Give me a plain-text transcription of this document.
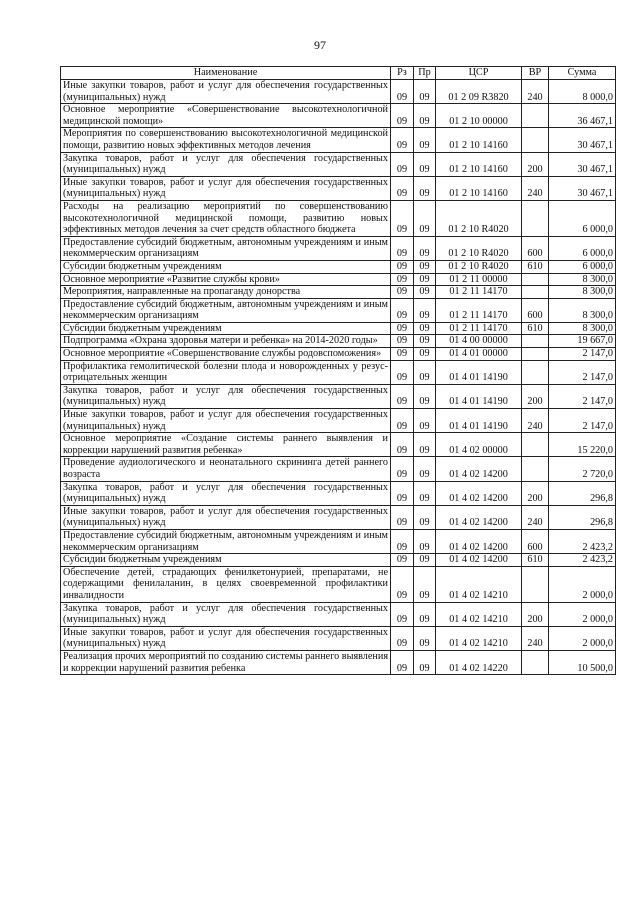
97
Наименование	Рз	Пр	ЦСР	ВР	Сумма
Иные закупки товаров, работ и услуг для обеспечения государственных (муниципальных) нужд	09	09	01 2 09 R3820	240	8 000,0
Основное мероприятие «Совершенствование высокотехнологичной медицинской помощи»	09	09	01 2 10 00000		36 467,1
Мероприятия по совершенствованию высокотехнологичной медицинской помощи, развитию новых эффективных методов лечения	09	09	01 2 10 14160		30 467,1
Закупка товаров, работ и услуг для обеспечения государственных (муниципальных) нужд	09	09	01 2 10 14160	200	30 467,1
Иные закупки товаров, работ и услуг для обеспечения государственных (муниципальных) нужд	09	09	01 2 10 14160	240	30 467,1
Расходы на реализацию мероприятий по совершенствованию высокотехнологичной медицинской помощи, развитию новых эффективных методов лечения за счет средств областного бюджета	09	09	01 2 10 R4020		6 000,0
Предоставление субсидий бюджетным, автономным учреждениям и иным некоммерческим организациям	09	09	01 2 10 R4020	600	6 000,0
Субсидии бюджетным учреждениям	09	09	01 2 10 R4020	610	6 000,0
Основное мероприятие «Развитие службы крови»	09	09	01 2 11 00000		8 300,0
Мероприятия, направленные на пропаганду донорства	09	09	01 2 11 14170		8 300,0
Предоставление субсидий бюджетным, автономным учреждениям и иным некоммерческим организациям	09	09	01 2 11 14170	600	8 300,0
Субсидии бюджетным учреждениям	09	09	01 2 11 14170	610	8 300,0
Подпрограмма «Охрана здоровья матери и ребенка» на 2014-2020 годы»	09	09	01 4 00 00000		19 667,0
Основное мероприятие «Совершенствование службы родовспоможения»	09	09	01 4 01 00000		2 147,0
Профилактика гемолитической болезни плода и новорожденных у резус-отрицательных женщин	09	09	01 4 01 14190		2 147,0
Закупка товаров, работ и услуг для обеспечения государственных (муниципальных) нужд	09	09	01 4 01 14190	200	2 147,0
Иные закупки товаров, работ и услуг для обеспечения государственных (муниципальных) нужд	09	09	01 4 01 14190	240	2 147,0
Основное мероприятие «Создание системы раннего выявления и коррекции нарушений развития ребенка»	09	09	01 4 02 00000		15 220,0
Проведение аудиологического и неонатального скрининга детей раннего возраста	09	09	01 4 02 14200		2 720,0
Закупка товаров, работ и услуг для обеспечения государственных (муниципальных) нужд	09	09	01 4 02 14200	200	296,8
Иные закупки товаров, работ и услуг для обеспечения государственных (муниципальных) нужд	09	09	01 4 02 14200	240	296,8
Предоставление субсидий бюджетным, автономным учреждениям и иным некоммерческим организациям	09	09	01 4 02 14200	600	2 423,2
Субсидии бюджетным учреждениям	09	09	01 4 02 14200	610	2 423,2
Обеспечение детей, страдающих фенилкетонурией, препаратами, не содержащими фенилаланин, в целях своевременной профилактики инвалидности	09	09	01 4 02 14210		2 000,0
Закупка товаров, работ и услуг для обеспечения государственных (муниципальных) нужд	09	09	01 4 02 14210	200	2 000,0
Иные закупки товаров, работ и услуг для обеспечения государственных (муниципальных) нужд	09	09	01 4 02 14210	240	2 000,0
Реализация прочих мероприятий по созданию системы раннего выявления и коррекции нарушений развития ребенка	09	09	01 4 02 14220		10 500,0
